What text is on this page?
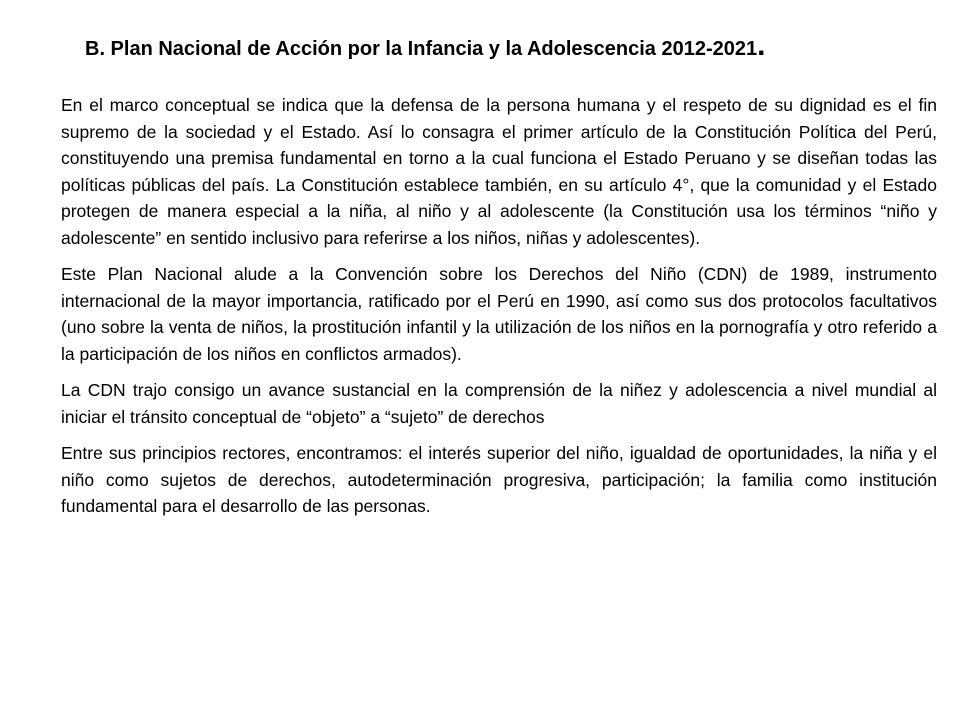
B. Plan Nacional de Acción por la Infancia y la Adolescencia 2012-2021.

En el marco conceptual se indica que la defensa de la persona humana y el respeto de su dignidad es el fin supremo de la sociedad y el Estado. Así lo consagra el primer artículo de la Constitución Política del Perú, constituyendo una premisa fundamental en torno a la cual funciona el Estado Peruano y se diseñan todas las políticas públicas del país. La Constitución establece también, en su artículo 4°, que la comunidad y el Estado protegen de manera especial a la niña, al niño y al adolescente (la Constitución usa los términos “niño y adolescente” en sentido inclusivo para referirse a los niños, niñas y adolescentes).

Este Plan Nacional alude a la Convención sobre los Derechos del Niño (CDN) de 1989, instrumento internacional de la mayor importancia, ratificado por el Perú en 1990, así como sus dos protocolos facultativos (uno sobre la venta de niños, la prostitución infantil y la utilización de los niños en la pornografía y otro referido a la participación de los niños en conflictos armados).

La CDN trajo consigo un avance sustancial en la comprensión de la niñez y adolescencia a nivel mundial al iniciar el tránsito conceptual de “objeto” a “sujeto” de derechos

Entre sus principios rectores, encontramos: el interés superior del niño, igualdad de oportunidades, la niña y el niño como sujetos de derechos, autodeterminación progresiva, participación; la familia como institución fundamental para el desarrollo de las personas.
